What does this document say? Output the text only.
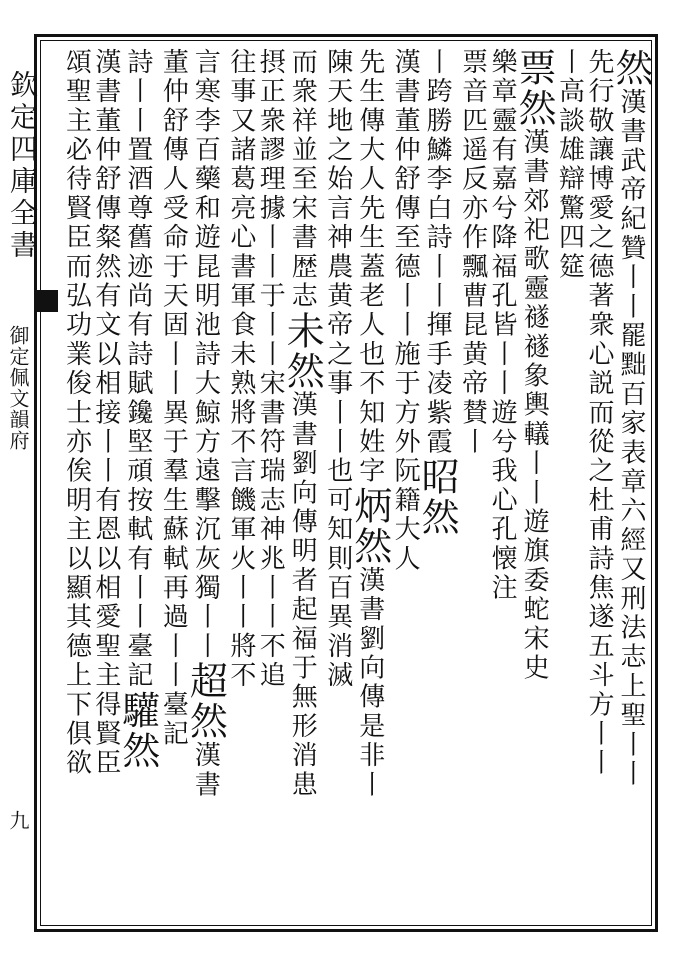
欽定四庫全書
御定佩文韻府
九
然漢書武帝紀贊丨丨罷黜百家表章六經又刑法志上聖丨丨
先行敬讓博愛之德著衆心説而從之杜甫詩焦遂五斗方丨丨
丨高談雄辯驚四筵
票然漢書郊祀歌靈禭禭象輿轙丨丨遊旗委蛇宋史
樂章靈有嘉兮降福孔皆丨丨遊兮我心孔懐注
票音匹遥反亦作飄曹昆黄帝賛丨
丨跨勝鱗李白詩丨丨揮手凌紫霞昭然
漢書董仲舒傳至德丨丨施于方外阮籍大人
先生傳大人先生蓋老人也不知姓字炳然漢書劉向傳是非丨
陳天地之始言神農黄帝之事丨丨也可知則百異消滅
而衆祥並至宋書歴志未然漢書劉向傳明者起福于無形消患
摂正衆謬理據丨丨于丨丨宋書符瑞志神兆丨丨不追
往事又諸葛亮心書軍食未熟將不言饑軍火丨丨將不
言寒李百藥和遊昆明池詩大鯨方遠擊沉灰獨丨丨超然漢書
董仲舒傳人受命于天固丨丨異于羣生蘇軾再過丨丨臺記
詩丨丨置酒尊舊迹尚有詩賦鑱堅頑按軾有丨丨臺記驩然
漢書董仲舒傳粲然有文以相接丨丨有恩以相愛聖主得賢臣
頌聖主必待賢臣而弘功業俊士亦俟明主以顯其德上下俱欲
